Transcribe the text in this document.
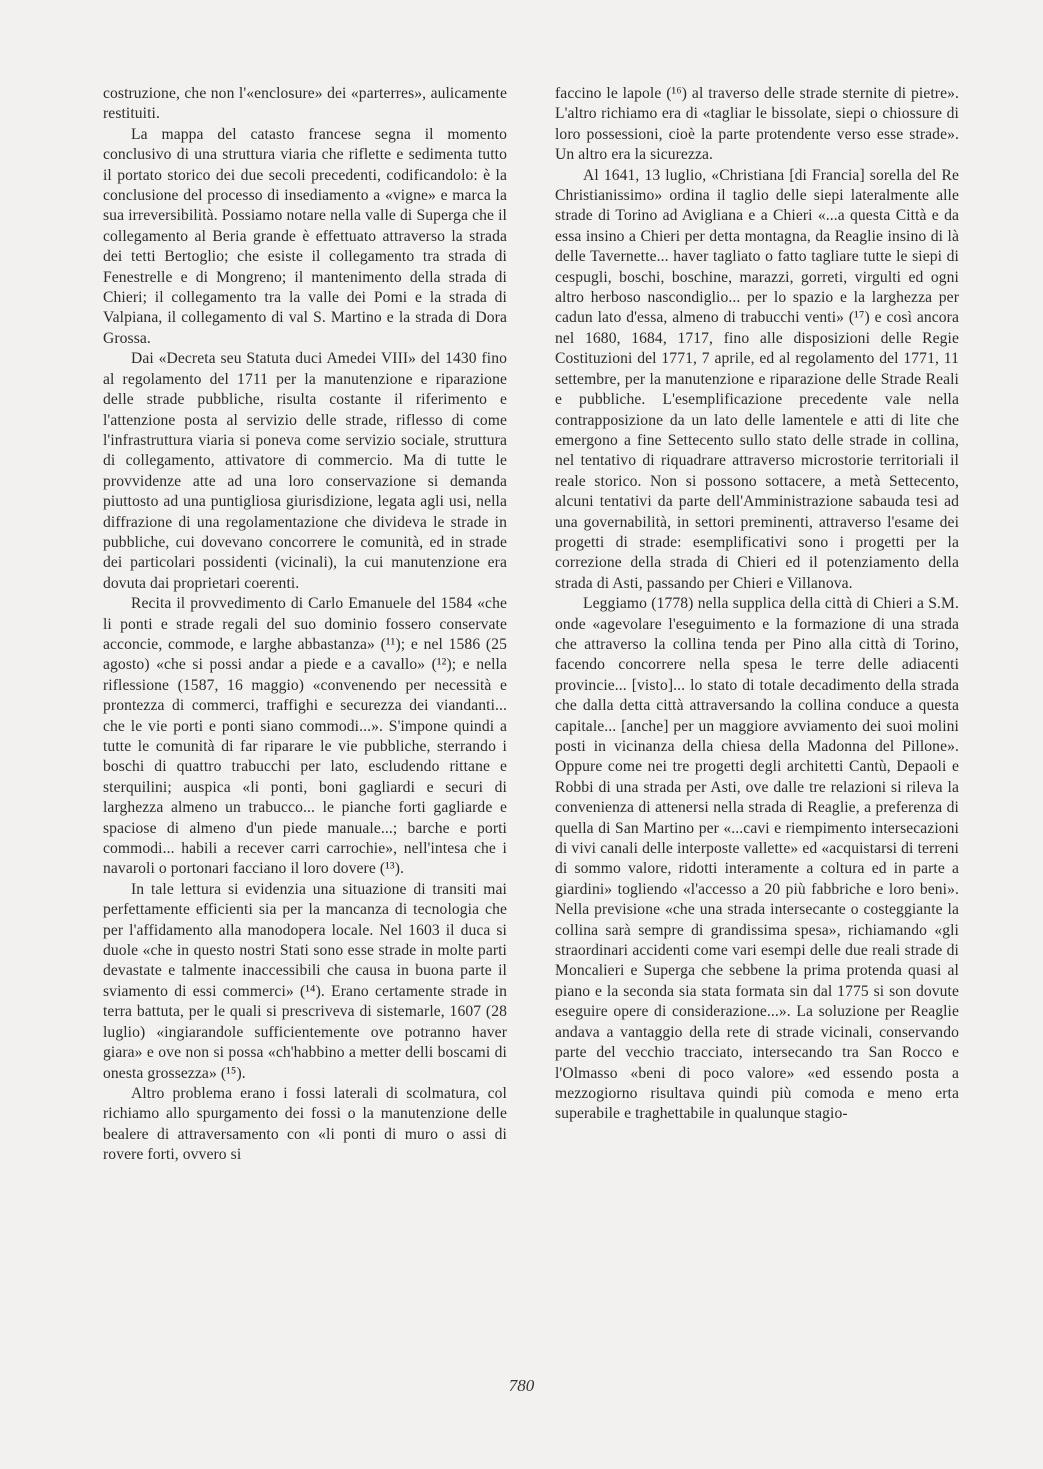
costruzione, che non l'«enclosure» dei «parterres», aulicamente restituiti.

La mappa del catasto francese segna il momento conclusivo di una struttura viaria che riflette e sedimenta tutto il portato storico dei due secoli precedenti, codificandolo: è la conclusione del processo di insediamento a «vigne» e marca la sua irreversibilità. Possiamo notare nella valle di Superga che il collegamento al Beria grande è effettuato attraverso la strada dei tetti Bertoglio; che esiste il collegamento tra strada di Fenestrelle e di Mongreno; il mantenimento della strada di Chieri; il collegamento tra la valle dei Pomi e la strada di Valpiana, il collegamento di val S. Martino e la strada di Dora Grossa.

Dai «Decreta seu Statuta duci Amedei VIII» del 1430 fino al regolamento del 1711 per la manutenzione e riparazione delle strade pubbliche, risulta costante il riferimento e l'attenzione posta al servizio delle strade, riflesso di come l'infrastruttura viaria si poneva come servizio sociale, struttura di collegamento, attivatore di commercio. Ma di tutte le provvidenze atte ad una loro conservazione si demanda piuttosto ad una puntigliosa giurisdizione, legata agli usi, nella diffrazione di una regolamentazione che divideva le strade in pubbliche, cui dovevano concorrere le comunità, ed in strade dei particolari possidenti (vicinali), la cui manutenzione era dovuta dai proprietari coerenti.

Recita il provvedimento di Carlo Emanuele del 1584 «che li ponti e strade regali del suo dominio fossero conservate acconcie, commode, e larghe abbastanza» (¹¹); e nel 1586 (25 agosto) «che si possi andar a piede e a cavallo» (¹²); e nella riflessione (1587, 16 maggio) «convenendo per necessità e prontezza di commerci, traffighi e securezza dei viandanti... che le vie porti e ponti siano commodi...». S'impone quindi a tutte le comunità di far riparare le vie pubbliche, sterrando i boschi di quattro trabucchi per lato, escludendo rittane e sterquilini; auspica «li ponti, boni gagliardi e securi di larghezza almeno un trabucco... le pianche forti gagliarde e spaciose di almeno d'un piede manuale...; barche e porti commodi... habili a recever carri carrochie», nell'intesa che i navaroli o portonari facciano il loro dovere (¹³).

In tale lettura si evidenzia una situazione di transiti mai perfettamente efficienti sia per la mancanza di tecnologia che per l'affidamento alla manodopera locale. Nel 1603 il duca si duole «che in questo nostri Stati sono esse strade in molte parti devastate e talmente inaccessibili che causa in buona parte il sviamento di essi commerci» (¹⁴). Erano certamente strade in terra battuta, per le quali si prescriveva di sistemarle, 1607 (28 luglio) «ingiarandole sufficientemente ove potranno haver giara» e ove non si possa «ch'habbino a metter delli boscami di onesta grossezza» (¹⁵).

Altro problema erano i fossi laterali di scolmatura, col richiamo allo spurgamento dei fossi o la manutenzione delle bealere di attraversamento con «li ponti di muro o assi di rovere forti, ovvero si

faccino le lapole (¹⁶) al traverso delle strade sternite di pietre». L'altro richiamo era di «tagliar le bissolate, siepi o chiossure di loro possessioni, cioè la parte protendente verso esse strade». Un altro era la sicurezza.

Al 1641, 13 luglio, «Christiana [di Francia] sorella del Re Christianissimo» ordina il taglio delle siepi lateralmente alle strade di Torino ad Avigliana e a Chieri «...a questa Città e da essa insino a Chieri per detta montagna, da Reaglie insino di là delle Tavernette... haver tagliato o fatto tagliare tutte le siepi di cespugli, boschi, boschine, marazzi, gorreti, virgulti ed ogni altro herboso nascondiglio... per lo spazio e la larghezza per cadun lato d'essa, almeno di trabucchi venti» (¹⁷) e così ancora nel 1680, 1684, 1717, fino alle disposizioni delle Regie Costituzioni del 1771, 7 aprile, ed al regolamento del 1771, 11 settembre, per la manutenzione e riparazione delle Strade Reali e pubbliche. L'esemplificazione precedente vale nella contrapposizione da un lato delle lamentele e atti di lite che emergono a fine Settecento sullo stato delle strade in collina, nel tentativo di riquadrare attraverso microstorie territoriali il reale storico. Non si possono sottacere, a metà Settecento, alcuni tentativi da parte dell'Amministrazione sabauda tesi ad una governabilità, in settori preminenti, attraverso l'esame dei progetti di strade: esemplificativi sono i progetti per la correzione della strada di Chieri ed il potenziamento della strada di Asti, passando per Chieri e Villanova.

Leggiamo (1778) nella supplica della città di Chieri a S.M. onde «agevolare l'eseguimento e la formazione di una strada che attraverso la collina tenda per Pino alla città di Torino, facendo concorrere nella spesa le terre delle adiacenti provincie... [visto]... lo stato di totale decadimento della strada che dalla detta città attraversando la collina conduce a questa capitale... [anche] per un maggiore avviamento dei suoi molini posti in vicinanza della chiesa della Madonna del Pillone». Oppure come nei tre progetti degli architetti Cantù, Depaoli e Robbi di una strada per Asti, ove dalle tre relazioni si rileva la convenienza di attenersi nella strada di Reaglie, a preferenza di quella di San Martino per «...cavi e riempimento intersecazioni di vivi canali delle interposte vallette» ed «acquistarsi di terreni di sommo valore, ridotti interamente a coltura ed in parte a giardini» togliendo «l'accesso a 20 più fabbriche e loro beni». Nella previsione «che una strada intersecante o costeggiante la collina sarà sempre di grandissima spesa», richiamando «gli straordinari accidenti come vari esempi delle due reali strade di Moncalieri e Superga che sebbene la prima protenda quasi al piano e la seconda sia stata formata sin dal 1775 si son dovute eseguire opere di considerazione...». La soluzione per Reaglie andava a vantaggio della rete di strade vicinali, conservando parte del vecchio tracciato, intersecando tra San Rocco e l'Olmasso «beni di poco valore» «ed essendo posta a mezzogiorno risultava quindi più comoda e meno erta superabile e traghettabile in qualunque stagio-

780
